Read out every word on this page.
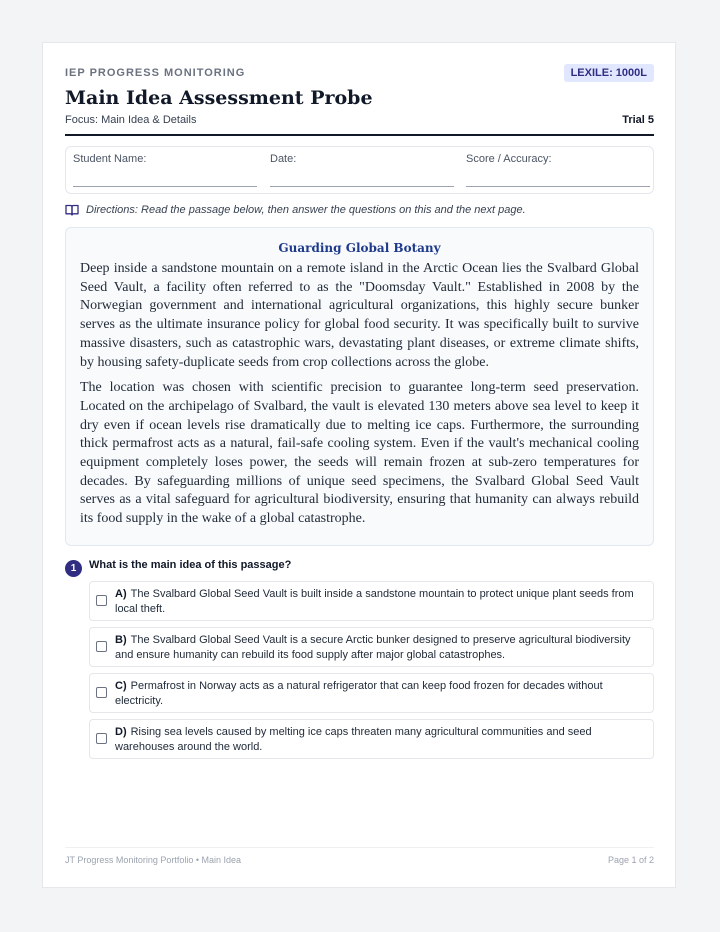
IEP PROGRESS MONITORING	LEXILE: 1000L
Main Idea Assessment Probe
Focus: Main Idea & Details	Trial 5
Student Name:	Date:	Score / Accuracy:
Directions: Read the passage below, then answer the questions on this and the next page.
Guarding Global Botany

Deep inside a sandstone mountain on a remote island in the Arctic Ocean lies the Svalbard Global Seed Vault, a facility often referred to as the "Doomsday Vault." Established in 2008 by the Norwegian government and international agricultural organizations, this highly secure bunker serves as the ultimate insurance policy for global food security. It was specifically built to survive massive disasters, such as catastrophic wars, devastating plant diseases, or extreme climate shifts, by housing safety-duplicate seeds from crop collections across the globe.

The location was chosen with scientific precision to guarantee long-term seed preservation. Located on the archipelago of Svalbard, the vault is elevated 130 meters above sea level to keep it dry even if ocean levels rise dramatically due to melting ice caps. Furthermore, the surrounding thick permafrost acts as a natural, fail-safe cooling system. Even if the vault's mechanical cooling equipment completely loses power, the seeds will remain frozen at sub-zero temperatures for decades. By safeguarding millions of unique seed specimens, the Svalbard Global Seed Vault serves as a vital safeguard for agricultural biodiversity, ensuring that humanity can always rebuild its food supply in the wake of a global catastrophe.

1	What is the main idea of this passage?
A) The Svalbard Global Seed Vault is built inside a sandstone mountain to protect unique plant seeds from local theft.
B) The Svalbard Global Seed Vault is a secure Arctic bunker designed to preserve agricultural biodiversity and ensure humanity can rebuild its food supply after major global catastrophes.
C) Permafrost in Norway acts as a natural refrigerator that can keep food frozen for decades without electricity.
D) Rising sea levels caused by melting ice caps threaten many agricultural communities and seed warehouses around the world.
JT Progress Monitoring Portfolio • Main Idea	Page 1 of 2
